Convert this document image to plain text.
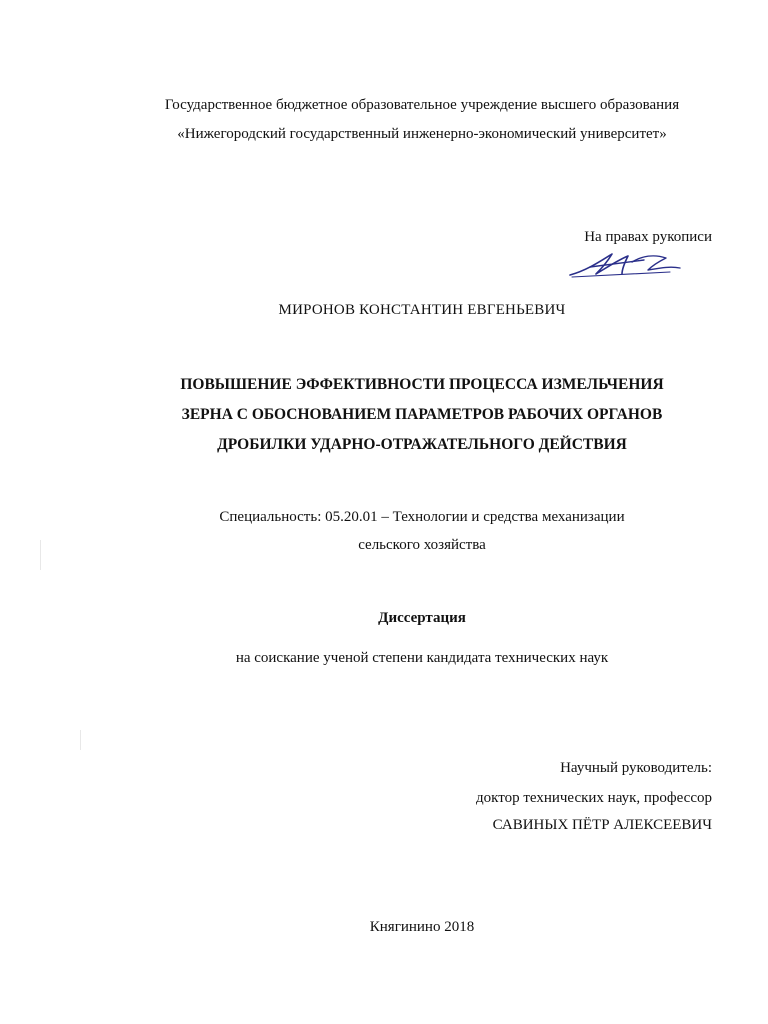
Государственное бюджетное образовательное учреждение высшего образования
«Нижегородский государственный инженерно-экономический университет»
На правах рукописи
МИРОНОВ КОНСТАНТИН ЕВГЕНЬЕВИЧ
ПОВЫШЕНИЕ ЭФФЕКТИВНОСТИ ПРОЦЕССА ИЗМЕЛЬЧЕНИЯ
ЗЕРНА С ОБОСНОВАНИЕМ ПАРАМЕТРОВ РАБОЧИХ ОРГАНОВ
ДРОБИЛКИ УДАРНО-ОТРАЖАТЕЛЬНОГО ДЕЙСТВИЯ
Специальность: 05.20.01 – Технологии и средства механизации
сельского хозяйства
Диссертация
на соискание ученой степени кандидата технических наук
Научный руководитель:
доктор технических наук, профессор
САВИНЫХ ПЁТР АЛЕКСЕЕВИЧ
Княгинино 2018
